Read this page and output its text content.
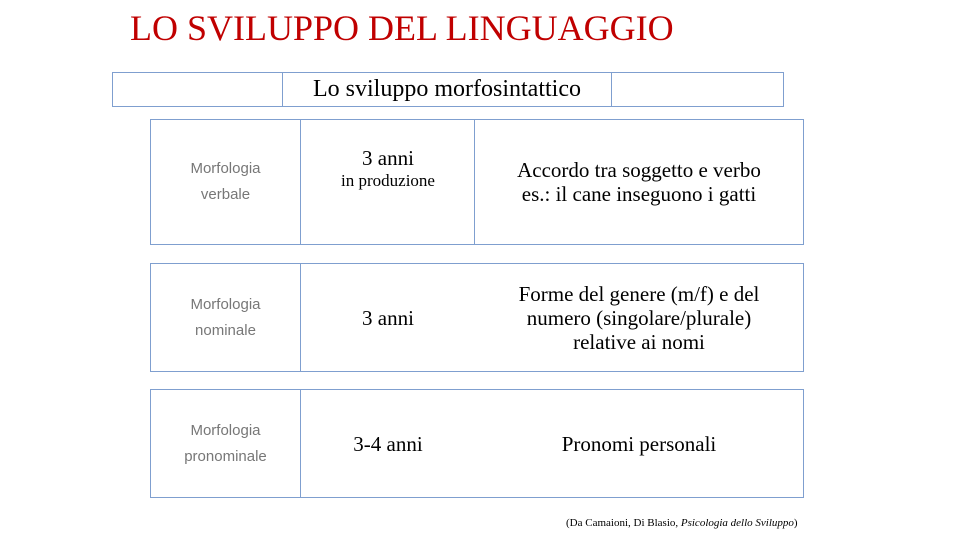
LO SVILUPPO DEL LINGUAGGIO
Lo sviluppo morfosintattico
Morfologia
verbale
3 anni
in produzione	Accordo tra soggetto e verbo
es.: il cane inseguono i gatti
Morfologia
nominale
3 anni
Forme del genere (m/f) e del
numero (singolare/plurale)
relative ai nomi
Morfologia
pronominale
3-4 anni	Pronomi personali
(Da Camaioni, Di Blasio, Psicologia dello Sviluppo)
